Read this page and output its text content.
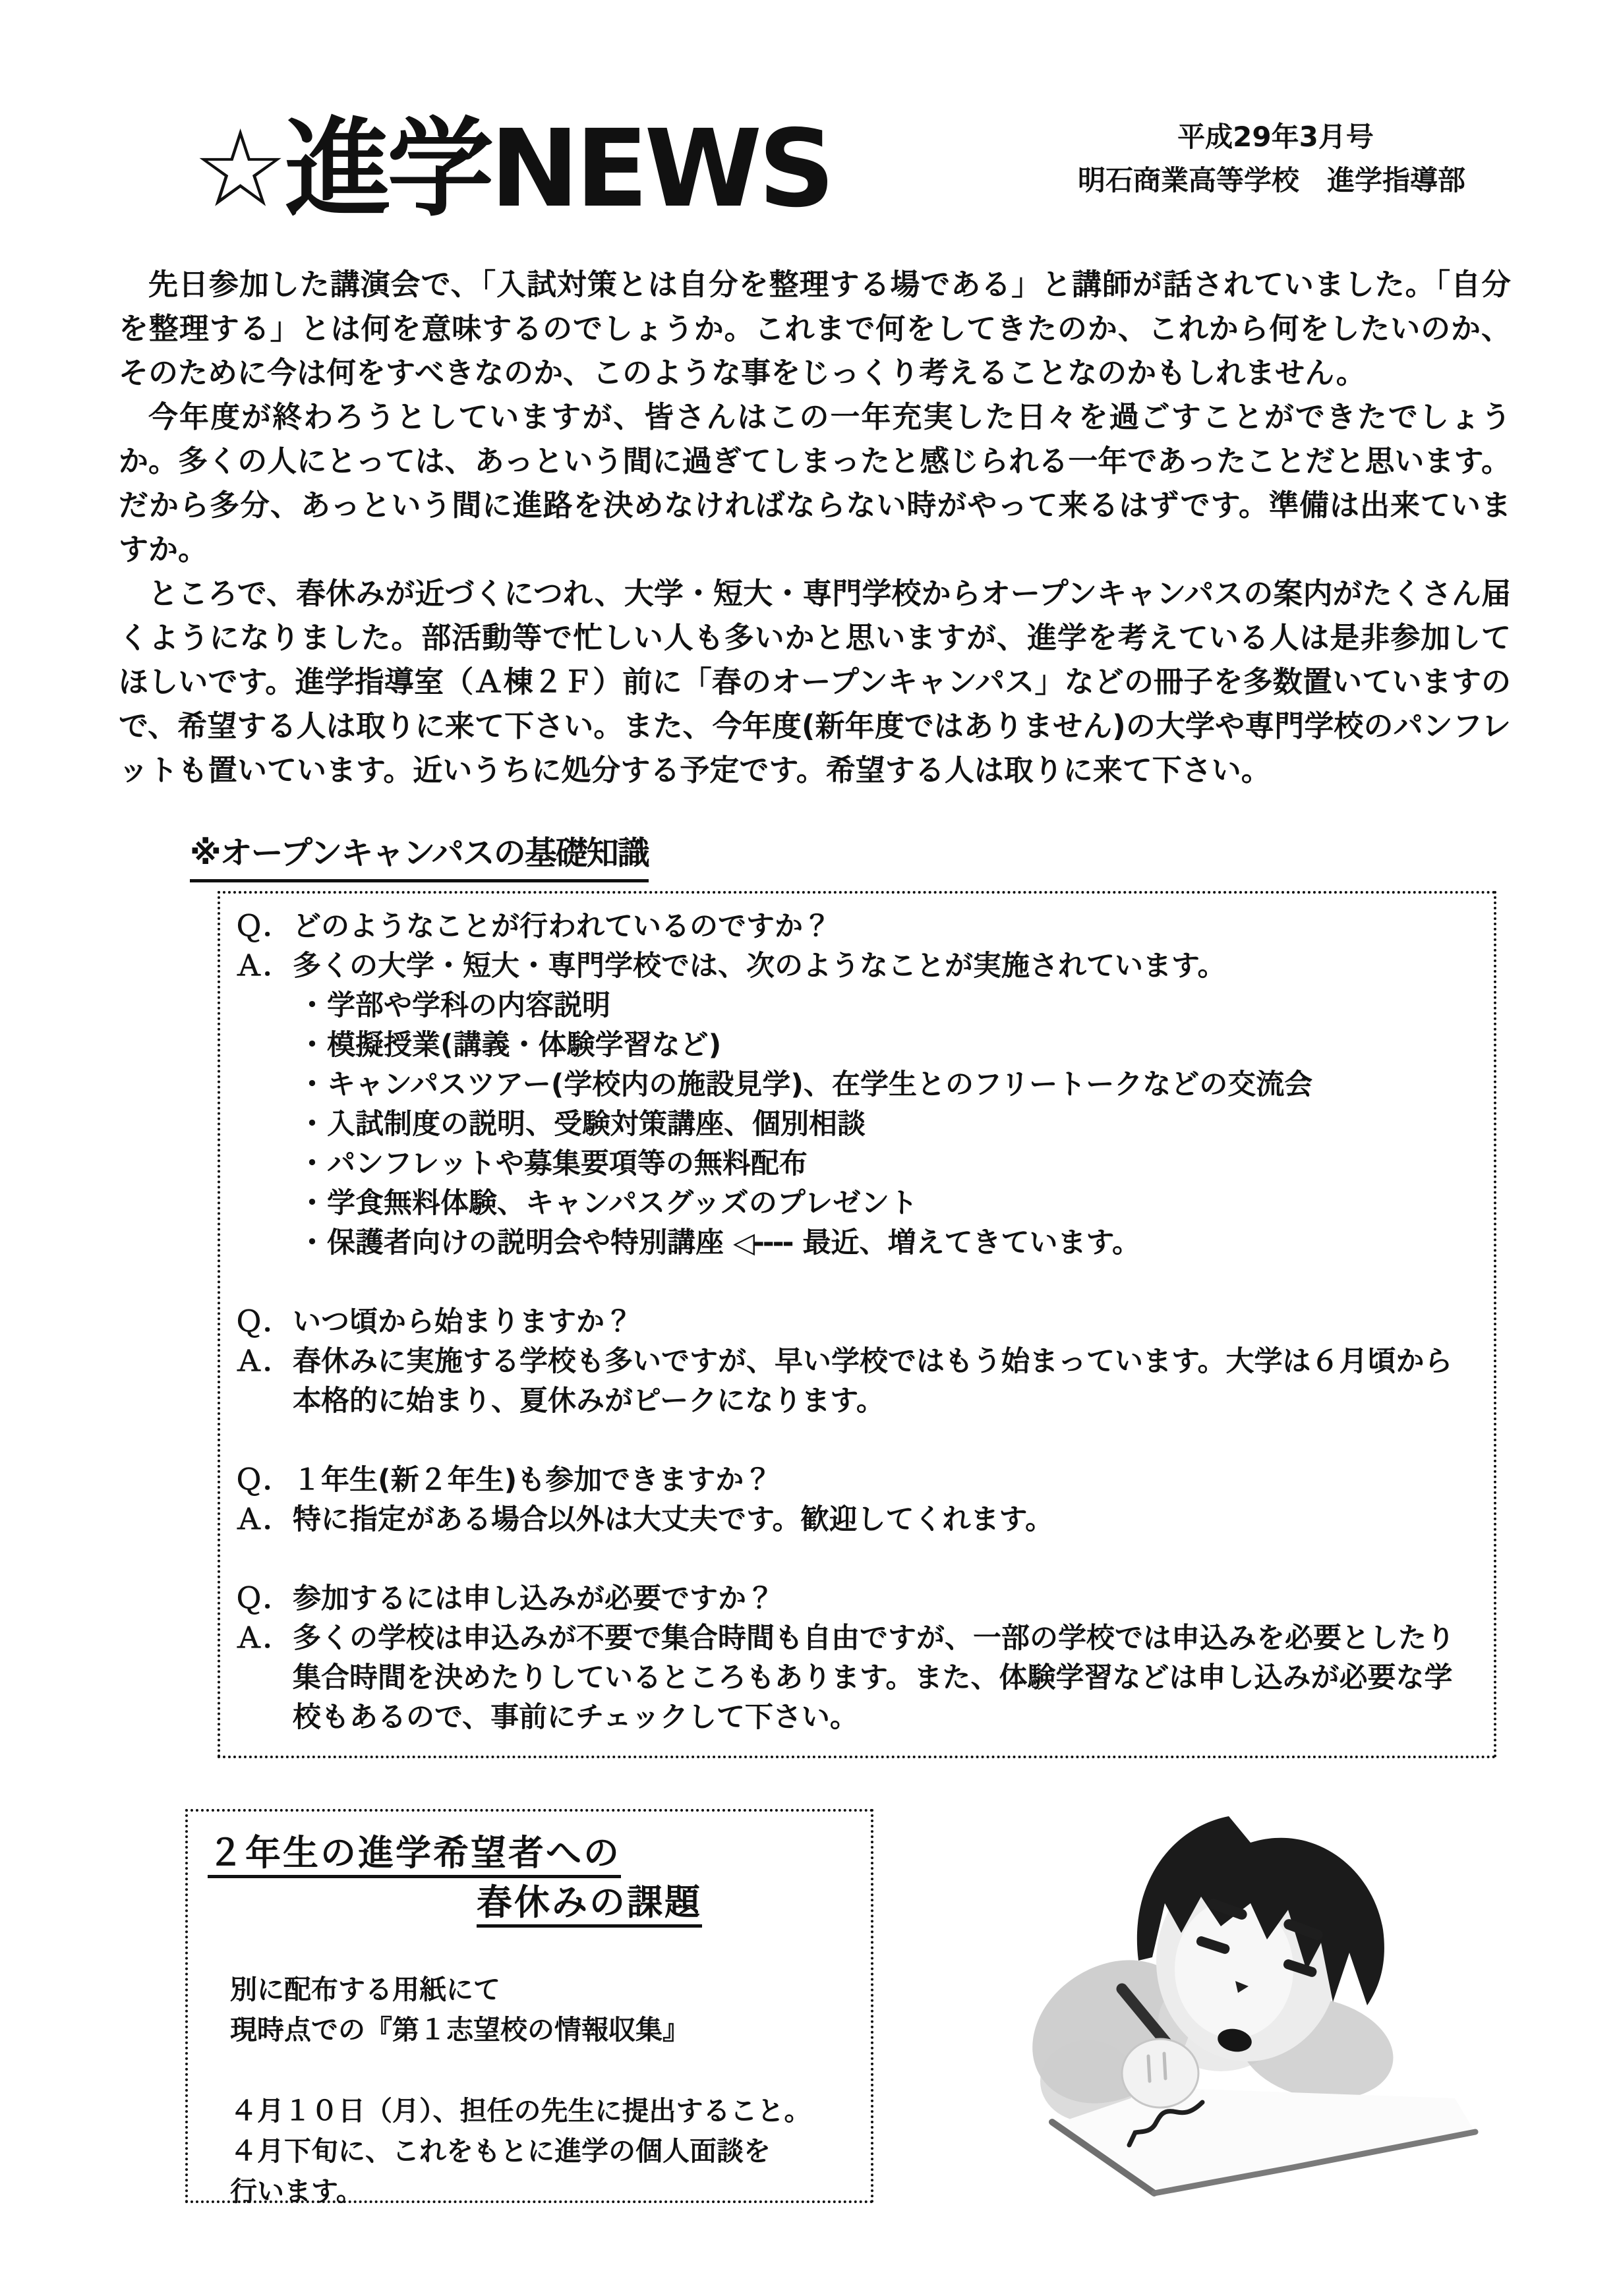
☆進学NEWS	平成29年3月号
明石商業高等学校　進学指導部

先日参加した講演会で、「入試対策とは自分を整理する場である」と講師が話されていました。「自分を整理する」とは何を意味するのでしょうか。これまで何をしてきたのか、これから何をしたいのか、そのために今は何をすべきなのか、このような事をじっくり考えることなのかもしれません。

今年度が終わろうとしていますが、皆さんはこの一年充実した日々を過ごすことができたでしょうか。多くの人にとっては、あっという間に過ぎてしまったと感じられる一年であったことだと思います。だから多分、あっという間に進路を決めなければならない時がやって来るはずです。準備は出来ていますか。

ところで、春休みが近づくにつれ、大学・短大・専門学校からオープンキャンパスの案内がたくさん届くようになりました。部活動等で忙しい人も多いかと思いますが、進学を考えている人は是非参加してほしいです。進学指導室（Ａ棟２Ｆ）前に「春のオープンキャンパス」などの冊子を多数置いていますので、希望する人は取りに来て下さい。また、今年度(新年度ではありません)の大学や専門学校のパンフレットも置いています。近いうちに処分する予定です。希望する人は取りに来て下さい。

※オープンキャンパスの基礎知識
Ｑ． どのようなことが行われているのですか？
Ａ． 多くの大学・短大・専門学校では、次のようなことが実施されています。
・学部や学科の内容説明
・模擬授業(講義・体験学習など)
・キャンパスツアー(学校内の施設見学)、在学生とのフリートークなどの交流会
・入試制度の説明、受験対策講座、個別相談
・パンフレットや募集要項等の無料配布
・学食無料体験、キャンパスグッズのプレゼント
・保護者向けの説明会や特別講座 ◁---- 最近、増えてきています。
Ｑ． いつ頃から始まりますか？
Ａ． 春休みに実施する学校も多いですが、早い学校ではもう始まっています。大学は６月頃から本格的に始まり、夏休みがピークになります。
Ｑ． １年生(新２年生)も参加できますか？
Ａ． 特に指定がある場合以外は大丈夫です。歓迎してくれます。
Ｑ． 参加するには申し込みが必要ですか？
Ａ． 多くの学校は申込みが不要で集合時間も自由ですが、一部の学校では申込みを必要としたり集合時間を決めたりしているところもあります。また、体験学習などは申し込みが必要な学校もあるので、事前にチェックして下さい。
２年生の進学希望者への
春休みの課題

別に配布する用紙にて

現時点での『第１志望校の情報収集』

４月１０日（月）、担任の先生に提出すること。

４月下旬に、これをもとに進学の個人面談を

行います。
